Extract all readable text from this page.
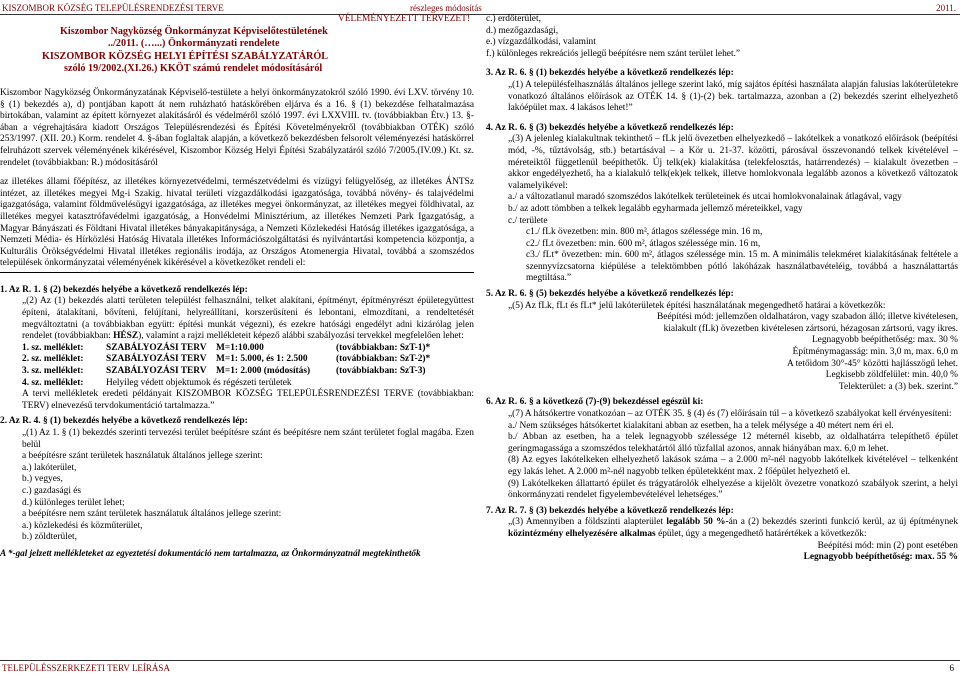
KISZOMBOR KÖZSÉG TELEPÜLÉSRENDEZÉSI TERVE	részleges módosítás	2011.
VÉLEMÉNYEZETT TERVEZET!
Kiszombor Nagyközség Önkormányzat Képviselőtestületének
../2011. (…...) Önkormányzati rendelete
KISZOMBOR KÖZSÉG HELYI ÉPÍTÉSI SZABÁLYZATÁRÓL
szóló 19/2002.(XI.26.) KKÖT számú rendelet módosításáról

Kiszombor Nagyközség Önkormányzatának Képviselő-testülete a helyi önkormányzatokról szóló 1990. évi LXV. törvény 10. § (1) bekezdés a), d) pontjában kapott át nem ruházható hatáskörében eljárva és a 16. § (1) bekezdése felhatalmazása birtokában, valamint az épített környezet alakításáról és védelméről szóló 1997. évi LXXVIII. tv. (továbbiakban Étv.) 13. §-ában a végrehajtására kiadott Országos Településrendezési és Építési Követelményekről (továbbiakban OTÉK) szóló 253/1997. (XII. 20.) Korm. rendelet 4. §-ában foglaltak alapján, a következő bekezdésben felsorolt véleményezési hatáskörrel felruházott szervek véleményének kikérésével, Kiszombor Község Helyi Építési Szabályzatáról szóló 7/2005.(IV.09.) Kt. sz. rendelet (továbbiakban: R.) módosításáról

az illetékes állami főépítész, az illetékes környezetvédelmi, természetvédelmi és vízügyi felügyelőség, az illetékes ÁNTSz intézet, az illetékes megyei Mg-i Szakig. hivatal területi vízgazdálkodási igazgatósága, továbbá növény- és talajvédelmi igazgatósága, valamint földművelésügyi igazgatósága, az illetékes megyei önkormányzat, az illetékes megyei földhivatal, az illetékes megyei katasztrófavédelmi igazgatóság, a Honvédelmi Minisztérium, az illetékes Nemzeti Park Igazgatóság, a Magyar Bányászati és Földtani Hivatal illetékes bányakapitánysága, a Nemzeti Közlekedési Hatóság illetékes igazgatósága, a Nemzeti Média- és Hírközlési Hatóság Hivatala illetékes Információszolgáltatási és nyilvántartási kompetencia központja, a Kulturális Örökségvédelmi Hivatal illetékes regionális irodája, az Országos Atomenergia Hivatal, továbbá a szomszédos települések önkormányzatai véleményének kikérésével a következőket rendeli el:

1. Az R. 1. § (2) bekezdés helyébe a következő rendelkezés lép:

„(2) Az (1) bekezdés alatti területen települést felhasználni, telket alakítani, építményt, építményrészt épületegyüttest építeni, átalakítani, bővíteni, felújítani, helyreállítani, korszerűsíteni és lebontani, elmozdítani, a rendeltetését megváltoztatni (a továbbiakban együtt: építési munkát végezni), és ezekre hatósági engedélyt adni kizárólag jelen rendelet (továbbiakban: HÉSZ), valamint a rajzi mellékleteit képező alábbi szabályozási tervekkel megfelelően lehet:

1. sz. melléklet:	SZABÁLYOZÁSI TERV	M=1:10.000	(továbbiakban: SzT-1)*
2. sz. melléklet:	SZABÁLYOZÁSI TERV	M=1: 5.000, és 1: 2.500	(továbbiakban: SzT-2)*
3. sz. melléklet:	SZABÁLYOZÁSI TERV	M=1: 2.000 (módosítás)	(továbbiakban: SzT-3)
4. sz. melléklet:	Helyileg védett objektumok és régészeti területek

A tervi mellékletek eredeti példányait KISZOMBOR KÖZSÉG TELEPÜLÉSRENDEZÉSI TERVE (továbbiakban: TERV) elnevezésű tervdokumentáció tartalmazza.”

2. Az R. 4. § (1) bekezdés helyébe a következő rendelkezés lép:

„(1) Az 1. § (1) bekezdés szerinti tervezési terület beépítésre szánt és beépítésre nem szánt területet foglal magába. Ezen belül

a beépítésre szánt területek használatuk általános jellege szerint:

a.) lakóterület,

b.) vegyes,

c.) gazdasági és

d.) különleges terület lehet;

a beépítésre nem szánt területek használatuk általános jellege szerint:

a.) közlekedési és közműterület,

b.) zöldterület,

A *-gal jelzett mellékleteket az egyeztetési dokumentáció nem tartalmazza, az Önkormányzatnál megtekinthetők

c.) erdőterület,

d.) mezőgazdasági,

e.) vízgazdálkodási, valamint

f.) különleges rekreációs jellegű beépítésre nem szánt terület lehet.”

3. Az R. 6. § (1) bekezdés helyébe a következő rendelkezés lép:

„(1) A településfelhasználás általános jellege szerint lakó, míg sajátos építési használata alapján falusias lakóterületekre vonatkozó általános előírások az OTÉK 14. § (1)-(2) bek. tartalmazza, azonban a (2) bekezdés szerint elhelyezhető lakóépület max. 4 lakásos lehet!”

4. Az R. 6. § (3) bekezdés helyébe a következő rendelkezés lép:

„(3) A jelenleg kialakultnak tekinthető – fLk jelű övezetben elhelyezkedő – lakótelkek a vonatkozó előírások (beépítési mód, -%, tűztávolság, stb.) betartásával – a Kör u. 21-37. közötti, párosával összevonandó telkek kivételével – méreteiktől függetlenül beépíthetők. Új telk(ek) kialakítása (telekfelosztás, határrendezés) – kialakult övezetben – akkor engedélyezhető, ha a kialakuló telk(ek)ek telkek, illetve homlokvonala legalább azonos a következő változatok valamelyikével:

a./ a változatlanul maradó szomszédos lakótelkek területeinek és utcai homlokvonalainak átlagával, vagy

b./ az adott tömbben a telkek legalább egyharmada jellemző méreteikkel, vagy

c./ területe

c1./ fLk övezetben: min. 800 m², átlagos szélessége min. 16 m,

c2./ fLt övezetben: min. 600 m², átlagos szélessége min. 16 m,

c3./ fLt* övezetben: min. 600 m², átlagos szélessége min. 15 m. A minimális telekméret kialakításának feltétele a szennyvízcsatorna kiépülése a telektömbben pótló lakóházak használatbavételéig, továbbá a használattartás megtiltása.”

5. Az R. 6. § (5) bekezdés helyébe a következő rendelkezés lép:

„(5) Az fLk, fLt és fLt* jelű lakóterületek építési használatának megengedhető határai a következők:

Beépítési mód: jellemzően oldalhatáron, vagy szabadon álló; illetve kivételesen,

kialakult (fLk) övezetben kivételesen zártsorú, hézagosan zártsorú, vagy ikres.

Legnagyobb beépíthetőség: max. 30 %

Építménymagasság: min. 3,0 m, max. 6,0 m

A tetőidom 30°-45° közötti hajlásszögű lehet.

Legkisebb zöldfelület: min. 40,0 %

Telekterület: a (3) bek. szerint.”

6. Az R. 6. § a következő (7)-(9) bekezdéssel egészül ki:

„(7) A hátsókertre vonatkozóan – az OTÉK 35. § (4) és (7) előírásain túl – a következő szabályokat kell érvényesíteni:

a./ Nem szükséges hátsókertet kialakítani abban az esetben, ha a telek mélysége a 40 métert nem éri el.

b./ Abban az esetben, ha a telek legnagyobb szélessége 12 méternél kisebb, az oldalhatárra telepíthető épület geringmagassága a szomszédos telekhatártól álló tűzfallal azonos, annak hiányában max. 6,0 m lehet.

(8) Az egyes lakótelkeken elhelyezhető lakások száma – a 2.000 m²-nél nagyobb lakótelkek kivételével – telkenként egy lakás lehet. A 2.000 m²-nél nagyobb telken épületekként max. 2 főépület helyezhető el.

(9) Lakótelkeken állattartó épület és trágyatárolók elhelyezése a kijelölt övezetre vonatkozó szabályok szerint, a helyi önkormányzati rendelet figyelembevételével lehetséges.”

7. Az R. 7. § (3) bekezdés helyébe a következő rendelkezés lép:

„(3) Amennyiben a földszinti alapterület legalább 50 %-án a (2) bekezdés szerinti funkció kerül, az új építménynek közintézmény elhelyezésére alkalmas épület, úgy a megengedhető határértékek a következők:

Beépítési mód: min (2) pont esetében

Legnagyobb beépíthetőség: max. 55 %

TELEPÜLÉSSZERKEZETI TERV LEÍRÁSA	6
